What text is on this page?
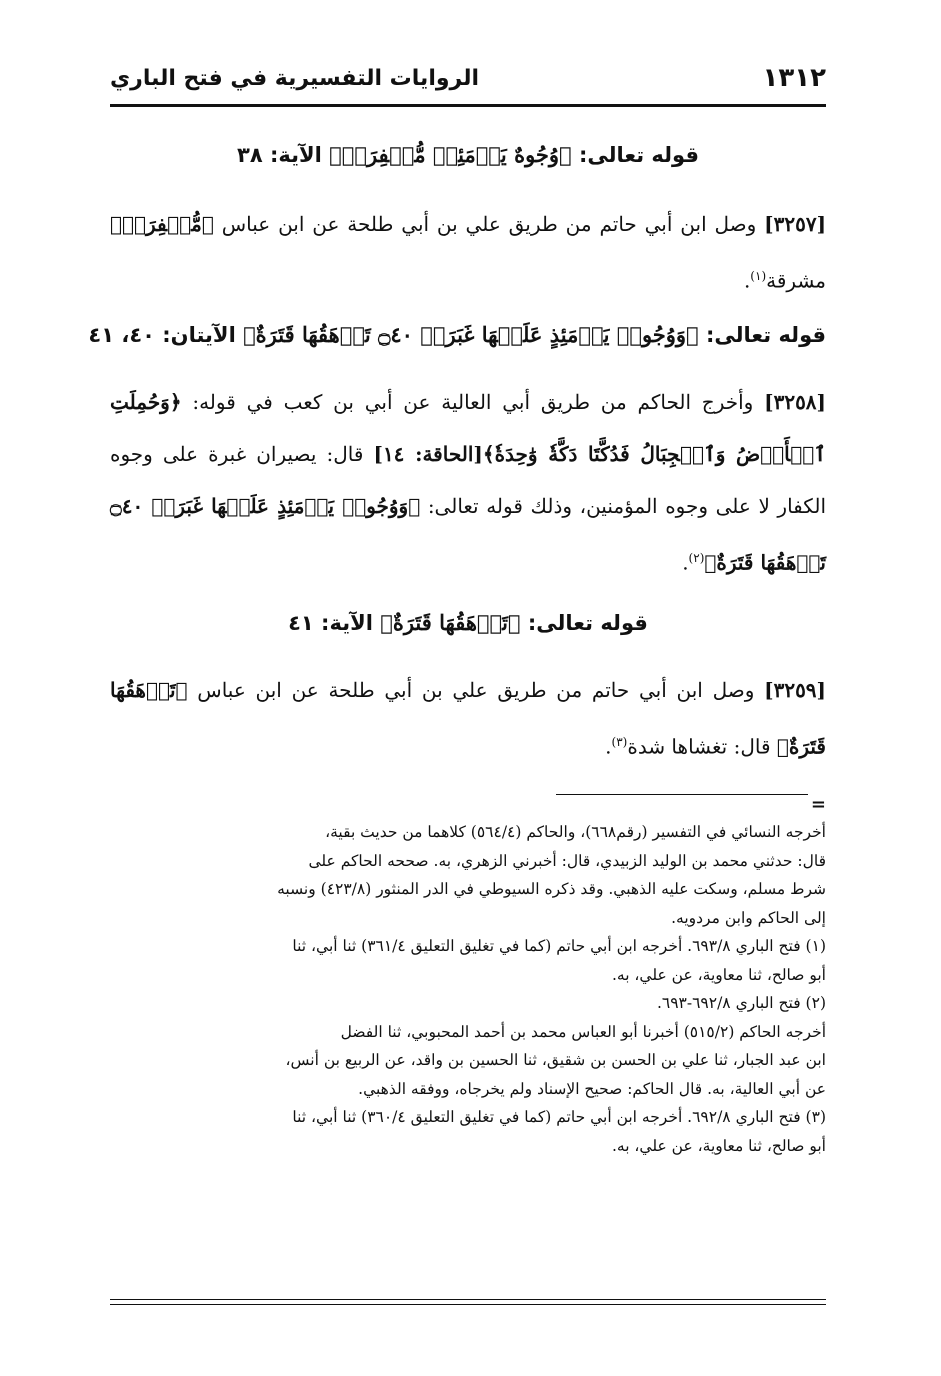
١٣١٢
الروايات التفسيرية في فتح الباري
قوله تعالى: ﴿وُجُوهٌ يَوۡمَئِذٖ مُّسۡفِرَةٞ﴾ الآية: ٣٨

[٣٢٥٧] وصل ابن أبي حاتم من طريق علي بن أبي طلحة عن ابن عباس ﴿مُّسۡفِرَةٞ﴾ مشرقة$^{(١)}$.

قوله تعالى: ﴿وَوُجُوهٞ يَوۡمَئِذٍ عَلَيۡهَا غَبَرَةٞ ۝٤٠ تَرۡهَقُهَا قَتَرَةٌ﴾ الآيتان: ٤٠، ٤١

[٣٢٥٨] وأخرج الحاكم من طريق أبي العالية عن أبي بن كعب في قوله: ﴿وَحُمِلَتِ ٱلۡأَرۡضُ وَٱلۡجِبَالُ فَدُكَّتَا دَكَّةٗ وَٰحِدَةٗ﴾[الحاقة: ١٤] قال: يصيران غبرة على وجوه الكفار لا على وجوه المؤمنين، وذلك قوله تعالى: ﴿وَوُجُوهٞ يَوۡمَئِذٍ عَلَيۡهَا غَبَرَةٞ ۝٤٠ تَرۡهَقُهَا قَتَرَةٌ﴾$^{(٢)}$.

قوله تعالى: ﴿تَرۡهَقُهَا قَتَرَةٌ﴾ الآية: ٤١

[٣٢٥٩] وصل ابن أبي حاتم من طريق علي بن أبي طلحة عن ابن عباس ﴿تَرۡهَقُهَا قَتَرَةٌ﴾ قال: تغشاها شدة$^{(٣)}$.

=

أخرجه النسائي في التفسير (رقم٦٦٨)، والحاكم (٥٦٤/٤) كلاهما من حديث بقية،
قال: حدثني محمد بن الوليد الزبيدي، قال: أخبرني الزهري، به. صححه الحاكم على
شرط مسلم، وسكت عليه الذهبي. وقد ذكره السيوطي في الدر المنثور (٤٢٣/٨) ونسبه
إلى الحاكم وابن مردويه.

(١) فتح الباري ٦٩٣/٨. أخرجه ابن أبي حاتم (كما في تغليق التعليق ٣٦١/٤) ثنا أبي، ثنا
أبو صالح، ثنا معاوية، عن علي، به.

(٢) فتح الباري ٦٩٢/٨-٦٩٣.

أخرجه الحاكم (٥١٥/٢) أخبرنا أبو العباس محمد بن أحمد المحبوبي، ثنا الفضل
ابن عبد الجبار، ثنا علي بن الحسن بن شقيق، ثنا الحسين بن واقد، عن الربيع بن أنس،
عن أبي العالية، به. قال الحاكم: صحيح الإسناد ولم يخرجاه، ووفقه الذهبي.

(٣) فتح الباري ٦٩٢/٨. أخرجه ابن أبي حاتم (كما في تغليق التعليق ٣٦٠/٤) ثنا أبي، ثنا
أبو صالح، ثنا معاوية، عن علي، به.
